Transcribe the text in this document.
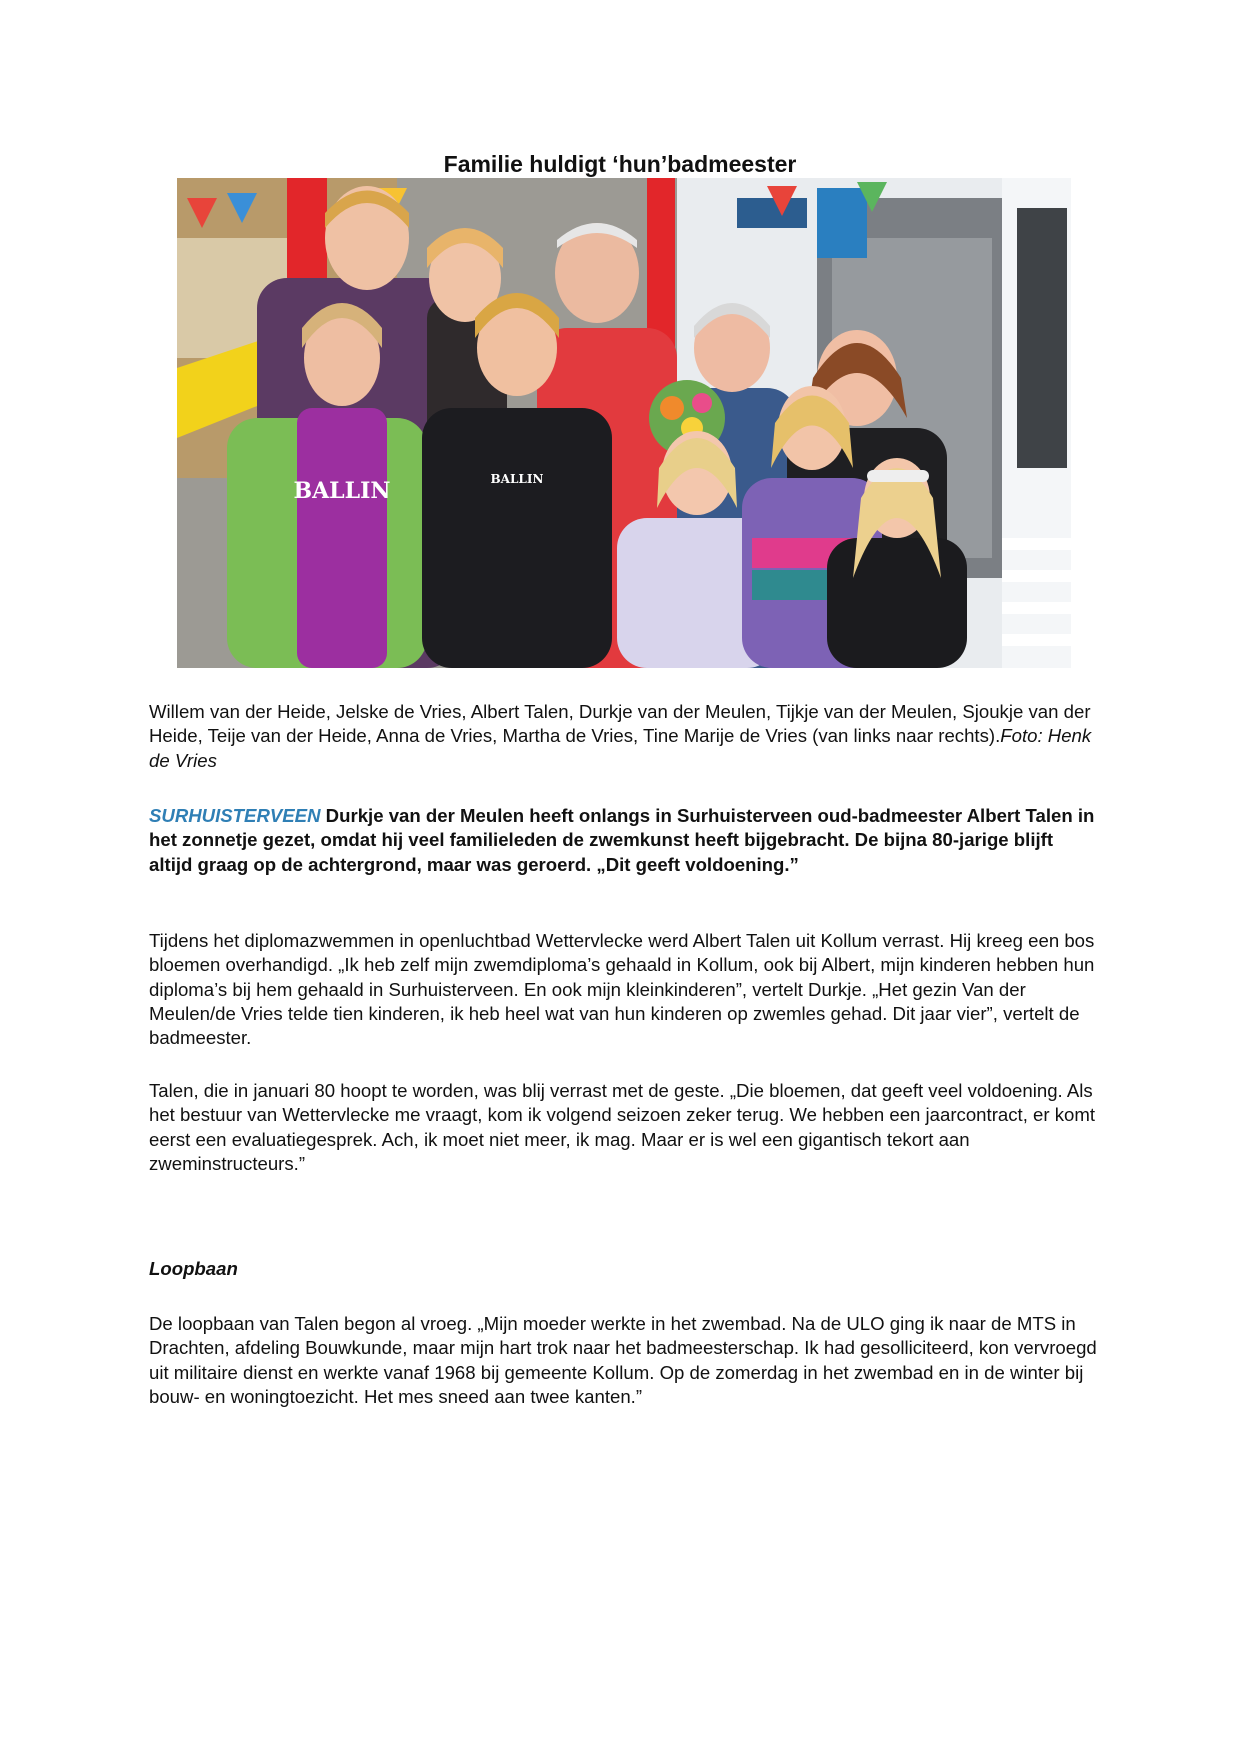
Familie huldigt ‘hun’badmeester
BALLIN	BALLIN

Willem van der Heide, Jelske de Vries, Albert Talen, Durkje van der Meulen, Tijkje van der Meulen, Sjoukje van der Heide, Teije van der Heide, Anna de Vries, Martha de Vries, Tine Marije de Vries (van links naar rechts).Foto: Henk de Vries

SURHUISTERVEEN Durkje van der Meulen heeft onlangs in Surhuisterveen oud-badmeester Albert Talen in het zonnetje gezet, omdat hij veel familieleden de zwemkunst heeft bijgebracht. De bijna 80-jarige blijft altijd graag op de achtergrond, maar was geroerd. „Dit geeft voldoening.”

Tijdens het diplomazwemmen in openluchtbad Wettervlecke werd Albert Talen uit Kollum verrast. Hij kreeg een bos bloemen overhandigd. „Ik heb zelf mijn zwemdiploma’s gehaald in Kollum, ook bij Albert, mijn kinderen hebben hun diploma’s bij hem gehaald in Surhuisterveen. En ook mijn kleinkinderen”, vertelt Durkje. „Het gezin Van der Meulen/de Vries telde tien kinderen, ik heb heel wat van hun kinderen op zwemles gehad. Dit jaar vier”, vertelt de badmeester.

Talen, die in januari 80 hoopt te worden, was blij verrast met de geste. „Die bloemen, dat geeft veel voldoening. Als het bestuur van Wettervlecke me vraagt, kom ik volgend seizoen zeker terug. We hebben een jaarcontract, er komt eerst een evaluatiegesprek. Ach, ik moet niet meer, ik mag. Maar er is wel een gigantisch tekort aan zweminstructeurs.”

Loopbaan

De loopbaan van Talen begon al vroeg. „Mijn moeder werkte in het zwembad. Na de ULO ging ik naar de MTS in Drachten, afdeling Bouwkunde, maar mijn hart trok naar het badmeesterschap. Ik had gesolliciteerd, kon vervroegd uit militaire dienst en werkte vanaf 1968 bij gemeente Kollum. Op de zomerdag in het zwembad en in de winter bij bouw- en woningtoezicht. Het mes sneed aan twee kanten.”
